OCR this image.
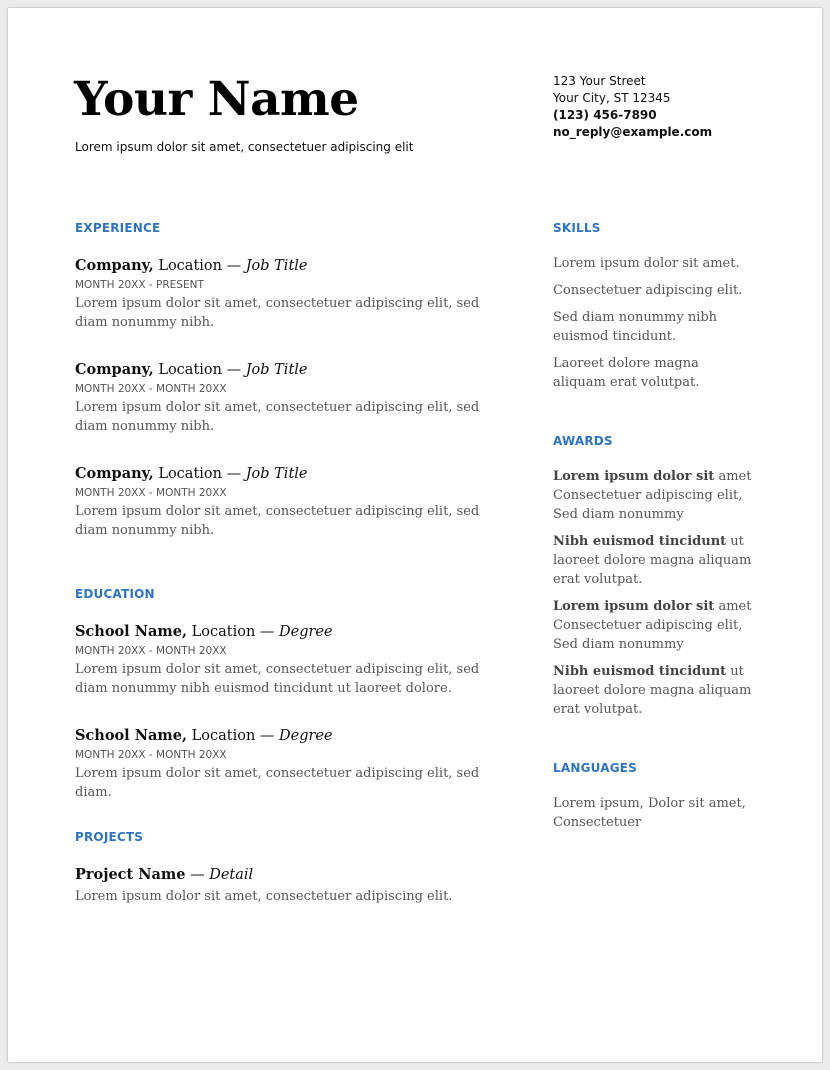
Your Name
Lorem ipsum dolor sit amet, consectetuer adipiscing elit
123 Your Street
Your City, ST 12345
(123) 456-7890
no_reply@example.com
EXPERIENCE
Company, Location — Job Title
MONTH 20XX - PRESENT
Lorem ipsum dolor sit amet, consectetuer adipiscing elit, sed diam nonummy nibh.
Company, Location — Job Title
MONTH 20XX - MONTH 20XX
Lorem ipsum dolor sit amet, consectetuer adipiscing elit, sed diam nonummy nibh.
Company, Location — Job Title
MONTH 20XX - MONTH 20XX
Lorem ipsum dolor sit amet, consectetuer adipiscing elit, sed diam nonummy nibh.
EDUCATION
School Name, Location — Degree
MONTH 20XX - MONTH 20XX
Lorem ipsum dolor sit amet, consectetuer adipiscing elit, sed diam nonummy nibh euismod tincidunt ut laoreet dolore.
School Name, Location — Degree
MONTH 20XX - MONTH 20XX
Lorem ipsum dolor sit amet, consectetuer adipiscing elit, sed diam.
PROJECTS
Project Name — Detail
Lorem ipsum dolor sit amet, consectetuer adipiscing elit.
SKILLS

Lorem ipsum dolor sit amet.

Consectetuer adipiscing elit.

Sed diam nonummy nibh euismod tincidunt.

Laoreet dolore magna aliquam erat volutpat.

AWARDS

Lorem ipsum dolor sit amet Consectetuer adipiscing elit, Sed diam nonummy

Nibh euismod tincidunt ut laoreet dolore magna aliquam erat volutpat.

Lorem ipsum dolor sit amet Consectetuer adipiscing elit, Sed diam nonummy

Nibh euismod tincidunt ut laoreet dolore magna aliquam erat volutpat.

LANGUAGES

Lorem ipsum, Dolor sit amet, Consectetuer
